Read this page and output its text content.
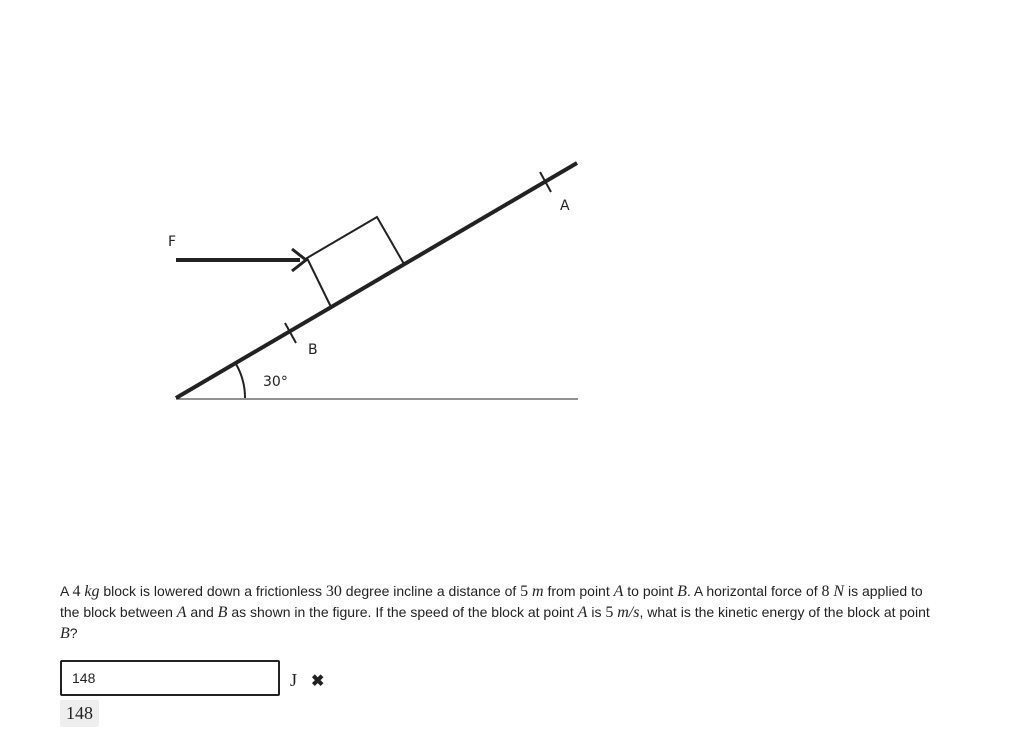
F
A
B
30°
A 4 kg block is lowered down a frictionless 30 degree incline a distance of 5 m from point A to point B. A horizontal force of 8 N is applied to the block between A and B as shown in the figure. If the speed of the block at point A is 5 m/s, what is the kinetic energy of the block at point B?
148	J ✖
148
